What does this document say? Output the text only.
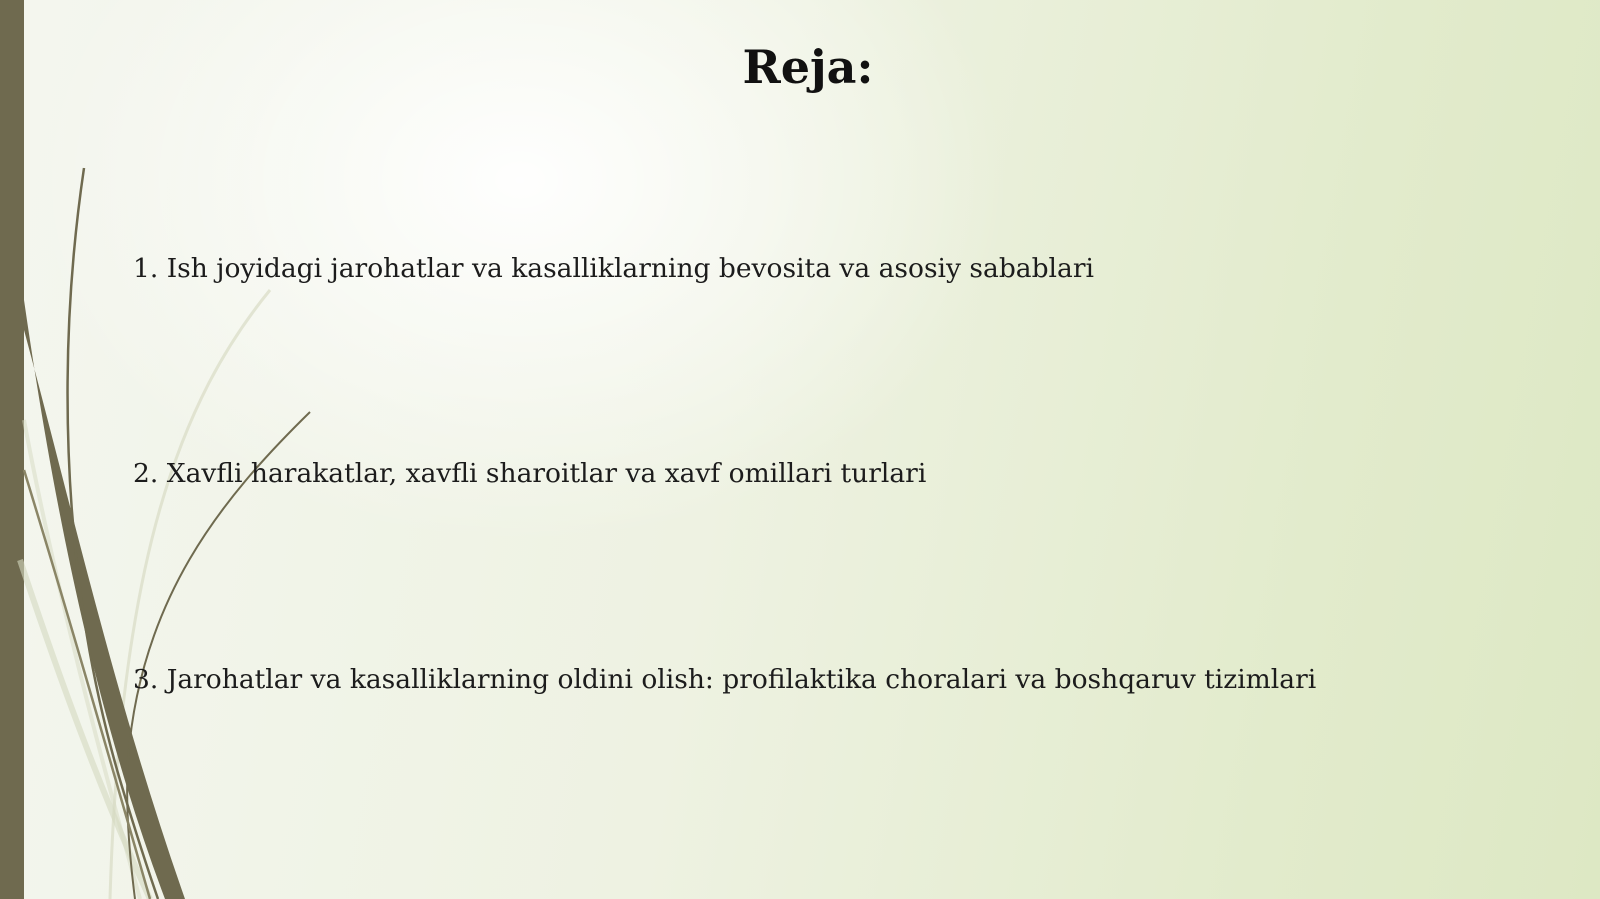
Reja:
1. Ish joyidagi jarohatlar va kasalliklarning bevosita va asosiy sabablari
2. Xavfli harakatlar, xavfli sharoitlar va xavf omillari turlari
3. Jarohatlar va kasalliklarning oldini olish: profilaktika choralari va boshqaruv tizimlari
